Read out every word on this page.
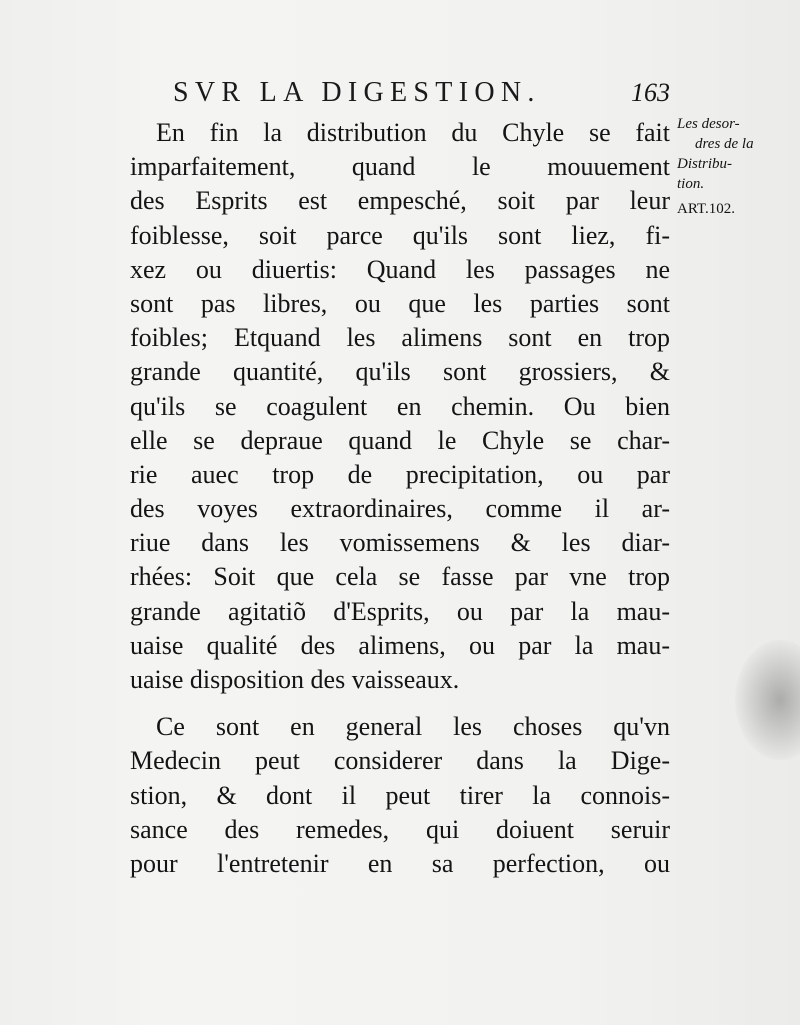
SVR LA DIGESTION.	163
En fin la distribution du Chyle se fait
imparfaitement, quand le mouuement
des Esprits est empesché, soit par leur
foiblesse, soit parce qu'ils sont liez, fi-
xez ou diuertis: Quand les passages ne
sont pas libres, ou que les parties sont
foibles; Etquand les alimens sont en trop
grande quantité, qu'ils sont grossiers, &
qu'ils se coagulent en chemin. Ou bien
elle se depraue quand le Chyle se char-
rie auec trop de precipitation, ou par
des voyes extraordinaires, comme il ar-
riue dans les vomissemens & les diar-
rhées: Soit que cela se fasse par vne trop
grande agitatiõ d'Esprits, ou par la mau-
uaise qualité des alimens, ou par la mau-
uaise disposition des vaisseaux.
Ce sont en general les choses qu'vn
Medecin peut considerer dans la Dige-
stion, & dont il peut tirer la connois-
sance des remedes, qui doiuent seruir
pour l'entretenir en sa perfection, ou
Les desor-
dres de la
Distribu-
tion.
ART.102.
